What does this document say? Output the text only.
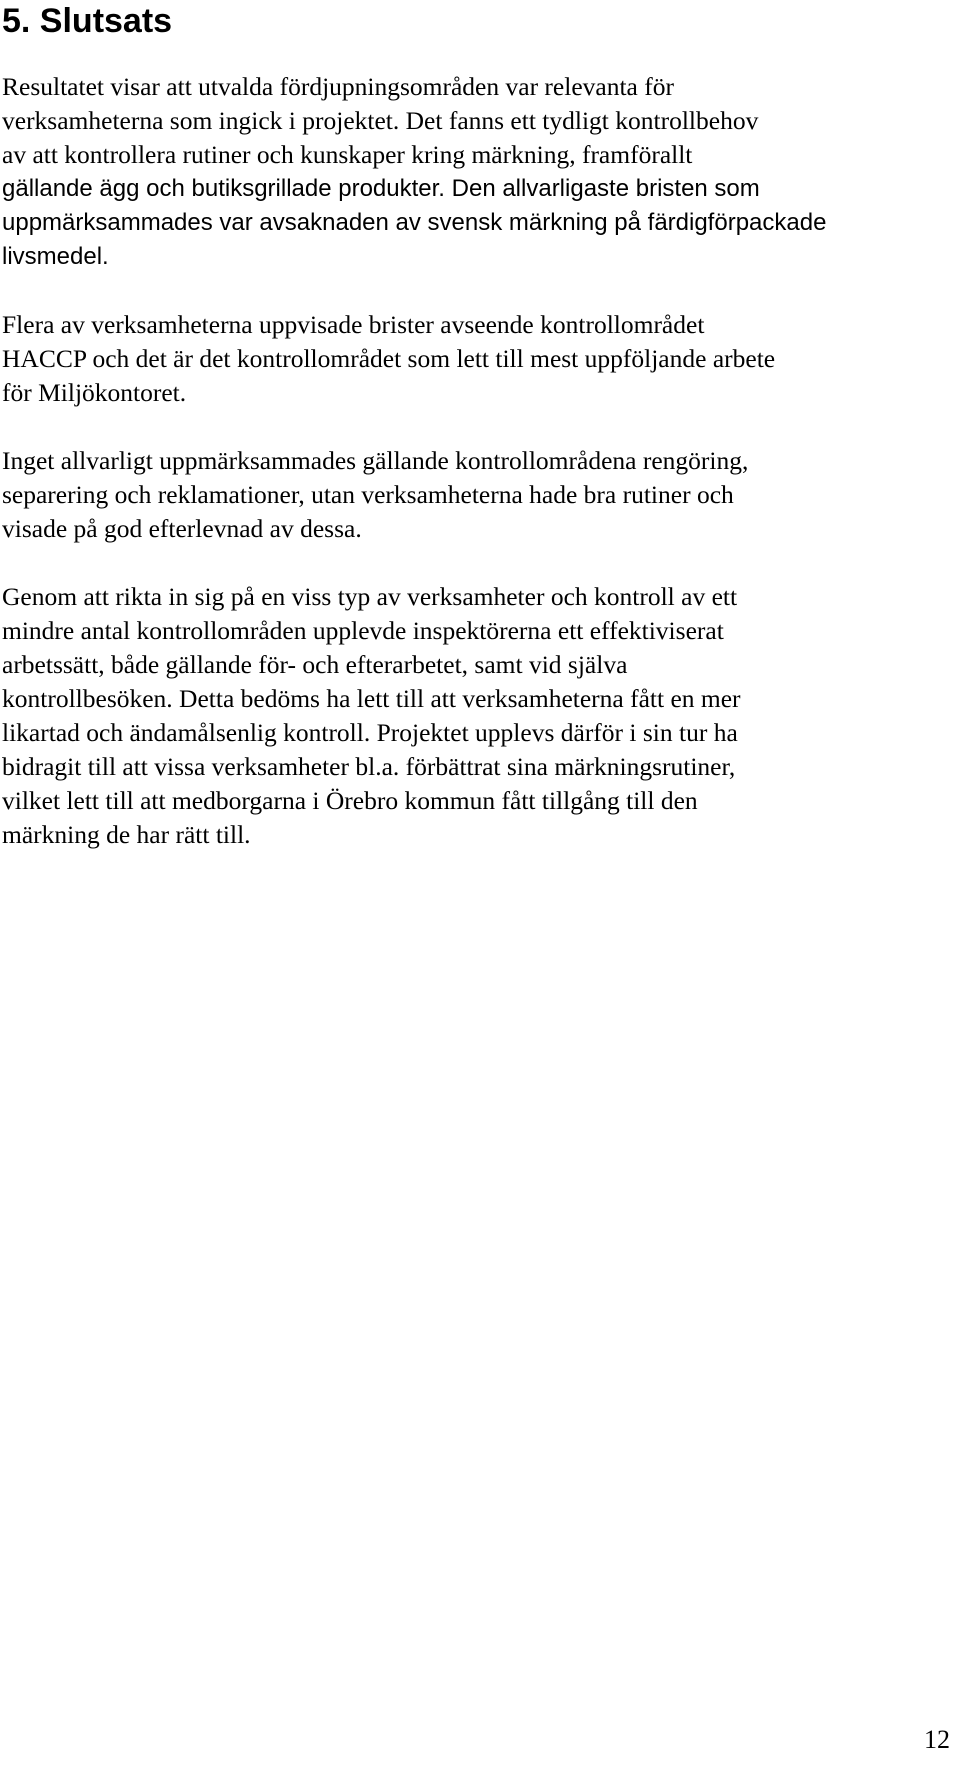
5. Slutsats

Resultatet visar att utvalda fördjupningsområden var relevanta för
verksamheterna som ingick i projektet. Det fanns ett tydligt kontrollbehov
av att kontrollera rutiner och kunskaper kring märkning, framförallt
gällande ägg och butiksgrillade produkter. Den allvarligaste bristen som
uppmärksammades var avsaknaden av svensk märkning på färdigförpackade
livsmedel.

Flera av verksamheterna uppvisade brister avseende kontrollområdet
HACCP och det är det kontrollområdet som lett till mest uppföljande arbete
för Miljökontoret.

Inget allvarligt uppmärksammades gällande kontrollområdena rengöring,
separering och reklamationer, utan verksamheterna hade bra rutiner och
visade på god efterlevnad av dessa.

Genom att rikta in sig på en viss typ av verksamheter och kontroll av ett
mindre antal kontrollområden upplevde inspektörerna ett effektiviserat
arbetssätt, både gällande för- och efterarbetet, samt vid själva
kontrollbesöken. Detta bedöms ha lett till att verksamheterna fått en mer
likartad och ändamålsenlig kontroll. Projektet upplevs därför i sin tur ha
bidragit till att vissa verksamheter bl.a. förbättrat sina märkningsrutiner,
vilket lett till att medborgarna i Örebro kommun fått tillgång till den
märkning de har rätt till.

12
